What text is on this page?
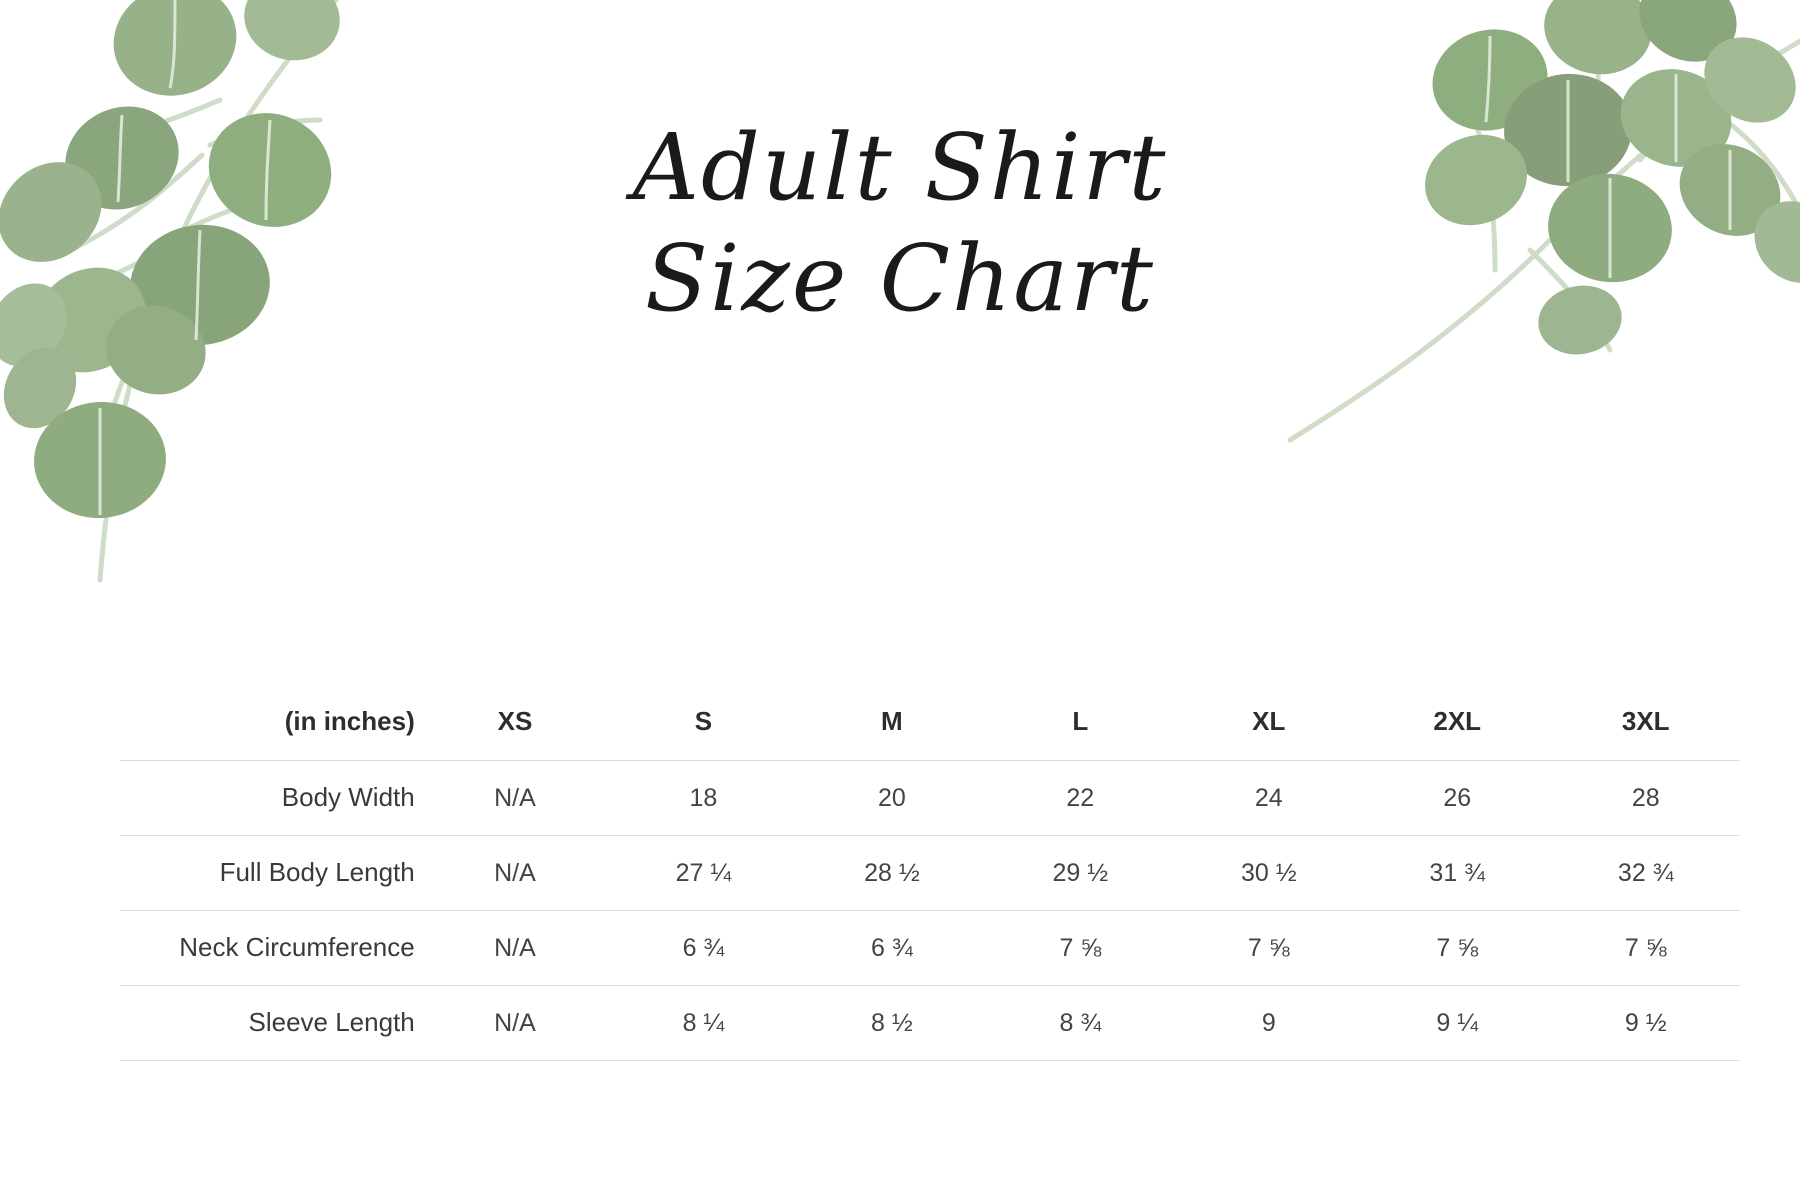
Adult Shirt
Size Chart
(in inches)	XS	S	M	L	XL	2XL	3XL
Body Width	N/A	18	20	22	24	26	28
Full Body Length	N/A	27 ¼	28 ½	29 ½	30 ½	31 ¾	32 ¾
Neck Circumference	N/A	6 ¾	6 ¾	7 ⅝	7 ⅝	7 ⅝	7 ⅝
Sleeve Length	N/A	8 ¼	8 ½	8 ¾	9	9 ¼	9 ½
